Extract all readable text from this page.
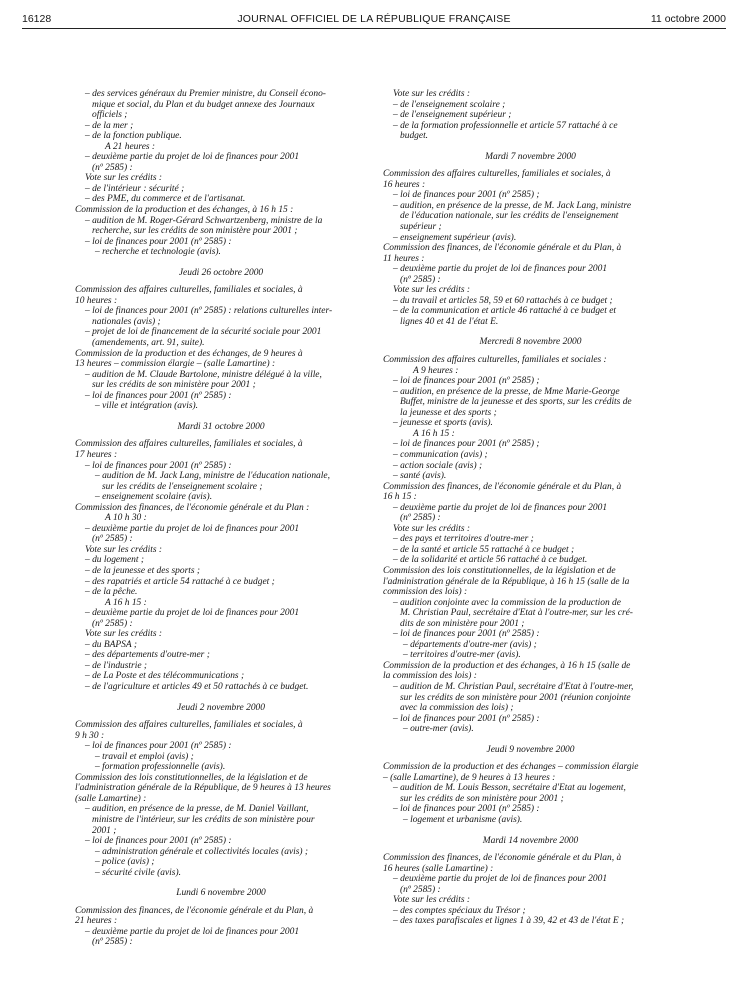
16128	JOURNAL OFFICIEL DE LA RÉPUBLIQUE FRANÇAISE	11 octobre 2000
– des services généraux du Premier ministre, du Conseil écono-
mique et social, du Plan et du budget annexe des Journaux
officiels ;
– de la mer ;
– de la fonction publique.
A 21 heures :
– deuxième partie du projet de loi de finances pour 2001
(nº 2585) :
Vote sur les crédits :
– de l'intérieur : sécurité ;
– des PME, du commerce et de l'artisanat.
Commission de la production et des échanges, à 16 h 15 :
– audition de M. Roger-Gérard Schwartzenberg, ministre de la
recherche, sur les crédits de son ministère pour 2001 ;
– loi de finances pour 2001 (nº 2585) :
– recherche et technologie (avis).
Jeudi 26 octobre 2000
Commission des affaires culturelles, familiales et sociales, à
10 heures :
– loi de finances pour 2001 (nº 2585) : relations culturelles inter-
nationales (avis) ;
– projet de loi de financement de la sécurité sociale pour 2001
(amendements, art. 91, suite).
Commission de la production et des échanges, de 9 heures à
13 heures – commission élargie – (salle Lamartine) :
– audition de M. Claude Bartolone, ministre délégué à la ville,
sur les crédits de son ministère pour 2001 ;
– loi de finances pour 2001 (nº 2585) :
– ville et intégration (avis).
Mardi 31 octobre 2000
Commission des affaires culturelles, familiales et sociales, à
17 heures :
– loi de finances pour 2001 (nº 2585) :
– audition de M. Jack Lang, ministre de l'éducation nationale,
sur les crédits de l'enseignement scolaire ;
– enseignement scolaire (avis).
Commission des finances, de l'économie générale et du Plan :
A 10 h 30 :
– deuxième partie du projet de loi de finances pour 2001
(nº 2585) :
Vote sur les crédits :
– du logement ;
– de la jeunesse et des sports ;
– des rapatriés et article 54 rattaché à ce budget ;
– de la pêche.
A 16 h 15 :
– deuxième partie du projet de loi de finances pour 2001
(nº 2585) :
Vote sur les crédits :
– du BAPSA ;
– des départements d'outre-mer ;
– de l'industrie ;
– de La Poste et des télécommunications ;
– de l'agriculture et articles 49 et 50 rattachés à ce budget.
Jeudi 2 novembre 2000
Commission des affaires culturelles, familiales et sociales, à
9 h 30 :
– loi de finances pour 2001 (nº 2585) :
– travail et emploi (avis) ;
– formation professionnelle (avis).
Commission des lois constitutionnelles, de la législation et de
l'administration générale de la République, de 9 heures à 13 heures
(salle Lamartine) :
– audition, en présence de la presse, de M. Daniel Vaillant,
ministre de l'intérieur, sur les crédits de son ministère pour
2001 ;
– loi de finances pour 2001 (nº 2585) :
– administration générale et collectivités locales (avis) ;
– police (avis) ;
– sécurité civile (avis).
Lundi 6 novembre 2000
Commission des finances, de l'économie générale et du Plan, à
21 heures :
– deuxième partie du projet de loi de finances pour 2001
(nº 2585) :
Vote sur les crédits :
– de l'enseignement scolaire ;
– de l'enseignement supérieur ;
– de la formation professionnelle et article 57 rattaché à ce
budget.
Mardi 7 novembre 2000
Commission des affaires culturelles, familiales et sociales, à
16 heures :
– loi de finances pour 2001 (nº 2585) ;
– audition, en présence de la presse, de M. Jack Lang, ministre
de l'éducation nationale, sur les crédits de l'enseignement
supérieur ;
– enseignement supérieur (avis).
Commission des finances, de l'économie générale et du Plan, à
11 heures :
– deuxième partie du projet de loi de finances pour 2001
(nº 2585) :
Vote sur les crédits :
– du travail et articles 58, 59 et 60 rattachés à ce budget ;
– de la communication et article 46 rattaché à ce budget et
lignes 40 et 41 de l'état E.
Mercredi 8 novembre 2000
Commission des affaires culturelles, familiales et sociales :
A 9 heures :
– loi de finances pour 2001 (nº 2585) ;
– audition, en présence de la presse, de Mme Marie-George
Buffet, ministre de la jeunesse et des sports, sur les crédits de
la jeunesse et des sports ;
– jeunesse et sports (avis).
A 16 h 15 :
– loi de finances pour 2001 (nº 2585) ;
– communication (avis) ;
– action sociale (avis) ;
– santé (avis).
Commission des finances, de l'économie générale et du Plan, à
16 h 15 :
– deuxième partie du projet de loi de finances pour 2001
(nº 2585) :
Vote sur les crédits :
– des pays et territoires d'outre-mer ;
– de la santé et article 55 rattaché à ce budget ;
– de la solidarité et article 56 rattaché à ce budget.
Commission des lois constitutionnelles, de la législation et de
l'administration générale de la République, à 16 h 15 (salle de la
commission des lois) :
– audition conjointe avec la commission de la production de
M. Christian Paul, secrétaire d'Etat à l'outre-mer, sur les cré-
dits de son ministère pour 2001 ;
– loi de finances pour 2001 (nº 2585) :
– départements d'outre-mer (avis) ;
– territoires d'outre-mer (avis).
Commission de la production et des échanges, à 16 h 15 (salle de
la commission des lois) :
– audition de M. Christian Paul, secrétaire d'Etat à l'outre-mer,
sur les crédits de son ministère pour 2001 (réunion conjointe
avec la commission des lois) ;
– loi de finances pour 2001 (nº 2585) :
– outre-mer (avis).
Jeudi 9 novembre 2000
Commission de la production et des échanges – commission élargie
– (salle Lamartine), de 9 heures à 13 heures :
– audition de M. Louis Besson, secrétaire d'Etat au logement,
sur les crédits de son ministère pour 2001 ;
– loi de finances pour 2001 (nº 2585) :
– logement et urbanisme (avis).
Mardi 14 novembre 2000
Commission des finances, de l'économie générale et du Plan, à
16 heures (salle Lamartine) :
– deuxième partie du projet de loi de finances pour 2001
(nº 2585) :
Vote sur les crédits :
– des comptes spéciaux du Trésor ;
– des taxes parafiscales et lignes 1 à 39, 42 et 43 de l'état E ;
